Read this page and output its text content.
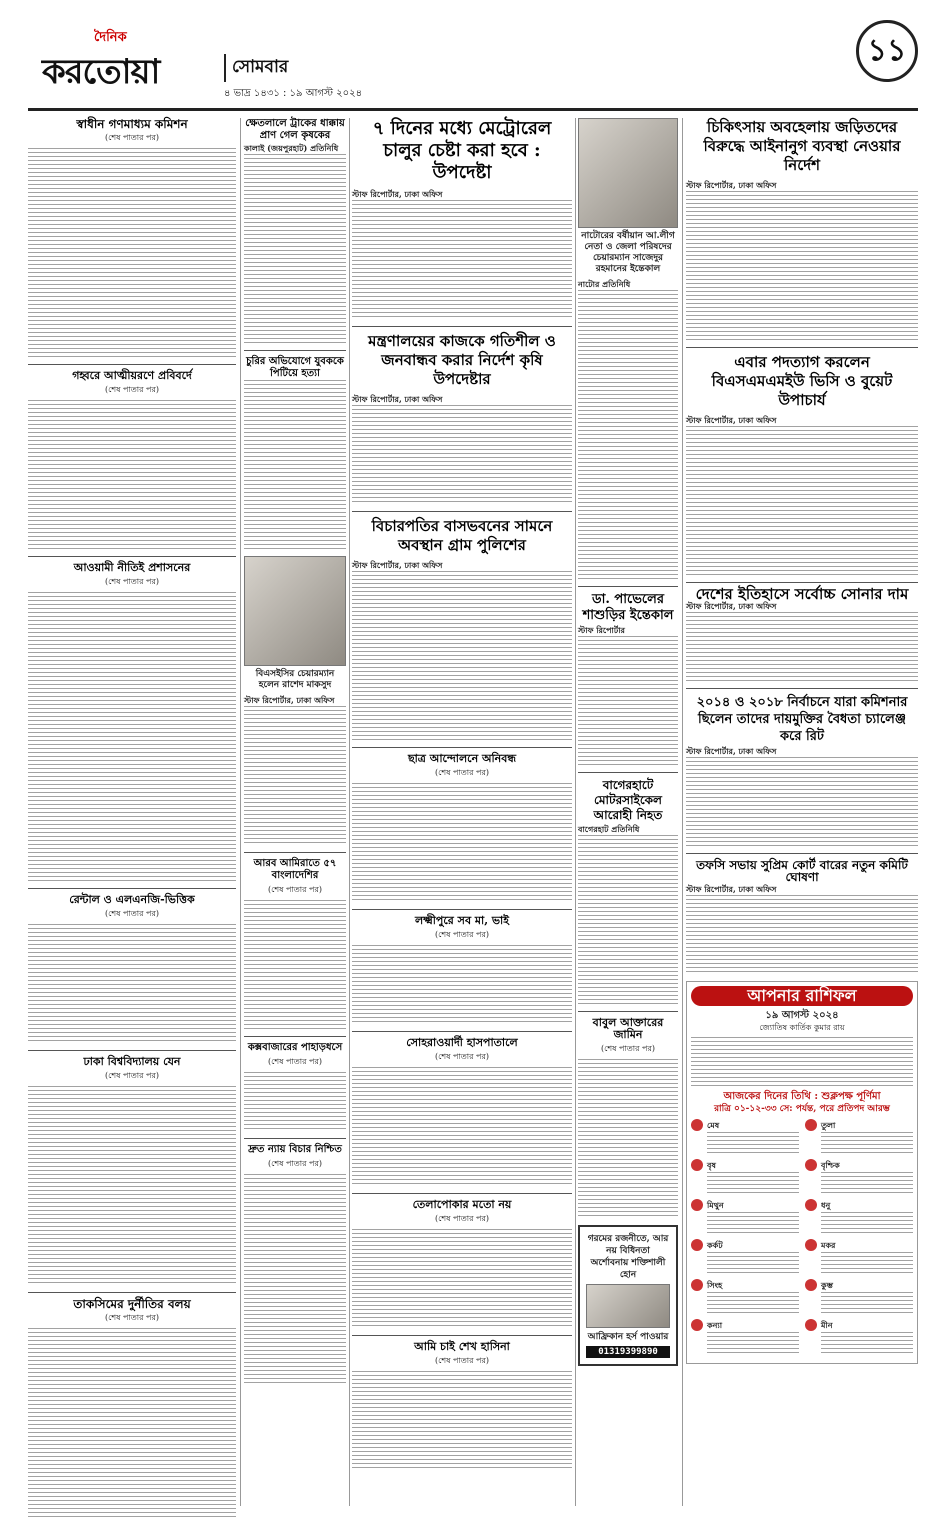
দৈনিক
করতোয়া	সোমবার
৪ ভাদ্র ১৪৩১ : ১৯ আগস্ট ২০২৪
১১
স্বাধীন গণমাধ্যম কমিশন
(শেষ পাতার পর)
গহ্বরে আত্মীয়রণে প্রবিবর্দে
(শেষ পাতার পর)
আওয়ামী নীতিই প্রশাসনের
(শেষ পাতার পর)
রেন্টাল ও এলএনজি-ভিত্তিক
(শেষ পাতার পর)
ঢাকা বিশ্ববিদ্যালয় যেন
(শেষ পাতার পর)
তাকসিমের দুর্নীতির বলয়
(শেষ পাতার পর)
ক্ষেতলালে ট্রাকের ধাক্কায় প্রাণ গেল কৃষকের
কালাই (জয়পুরহাট) প্রতিনিধি
চুরির অভিযোগে যুবককে পিটিয়ে হত্যা
বিএসইসির চেয়ারম্যান হলেন রাশেদ মাকসুদ
স্টাফ রিপোর্টার, ঢাকা অফিস
আরব আমিরাতে ৫৭ বাংলাদেশির
(শেষ পাতার পর)
কক্সবাজারের পাহাড়ধসে
(শেষ পাতার পর)
দ্রুত ন্যায় বিচার নিশ্চিত
(শেষ পাতার পর)
৭ দিনের মধ্যে মেট্রোরেল চালুর চেষ্টা করা হবে : উপদেষ্টা
স্টাফ রিপোর্টার, ঢাকা অফিস
মন্ত্রণালয়ের কাজকে গতিশীল ও জনবান্ধব করার নির্দেশ কৃষি উপদেষ্টার
স্টাফ রিপোর্টার, ঢাকা অফিস
বিচারপতির বাসভবনের সামনে অবস্থান গ্রাম পুলিশের
স্টাফ রিপোর্টার, ঢাকা অফিস
ছাত্র আন্দোলনে অনিবন্ধ
(শেষ পাতার পর)
লক্ষ্মীপুরে সব মা, ভাই
(শেষ পাতার পর)
সোহরাওয়ার্দী হাসপাতালে
(শেষ পাতার পর)
তেলাপোকার মতো নয়
(শেষ পাতার পর)
আমি চাই শেখ হাসিনা
(শেষ পাতার পর)
নাটোরের বর্ষীয়ান আ.লীগ নেতা ও জেলা পরিষদের চেয়ারম্যান সাজেদুর রহমানের ইন্তেকাল
নাটোর প্রতিনিধি
ডা. পাভেলের শাশুড়ির ইন্তেকাল
স্টাফ রিপোর্টার
বাগেরহাটে মোটরসাইকেল আরোহী নিহত
বাগেরহাট প্রতিনিধি
বাবুল আক্তারের জামিন
(শেষ পাতার পর)
গরমের রজনীতে, আর নয় বিধিনতা অর্শোবনায় শক্তিশালী হোন
আফ্রিকান হর্স পাওয়ার
01319399890
চিকিৎসায় অবহেলায় জড়িতদের বিরুদ্ধে আইনানুগ ব্যবস্থা নেওয়ার নির্দেশ
স্টাফ রিপোর্টার, ঢাকা অফিস
এবার পদত্যাগ করলেন বিএসএমএমইউ ভিসি ও বুয়েট উপাচার্য
স্টাফ রিপোর্টার, ঢাকা অফিস
দেশের ইতিহাসে সর্বোচ্চ সোনার দাম
স্টাফ রিপোর্টার, ঢাকা অফিস
২০১৪ ও ২০১৮ নির্বাচনে যারা কমিশনার ছিলেন তাদের দায়মুক্তির বৈধতা চ্যালেঞ্জ করে রিট
স্টাফ রিপোর্টার, ঢাকা অফিস
তফসি সভায় সুপ্রিম কোর্ট বারের নতুন কমিটি ঘোষণা
স্টাফ রিপোর্টার, ঢাকা অফিস
আপনার রাশিফল
১৯ আগস্ট ২০২৪
জ্যোতিষ কার্তিক কুমার রায়
আজকের দিনের তিথি : শুক্লপক্ষ পূর্ণিমা
রাত্রি ০১-১২-৩৩ সে: পর্যন্ত, পরে প্রতিপদ আরম্ভ
মেষ
বৃষ
মিথুন
কর্কট
সিংহ
কন্যা
তুলা
বৃশ্চিক
ধনু
মকর
কুম্ভ
মীন
